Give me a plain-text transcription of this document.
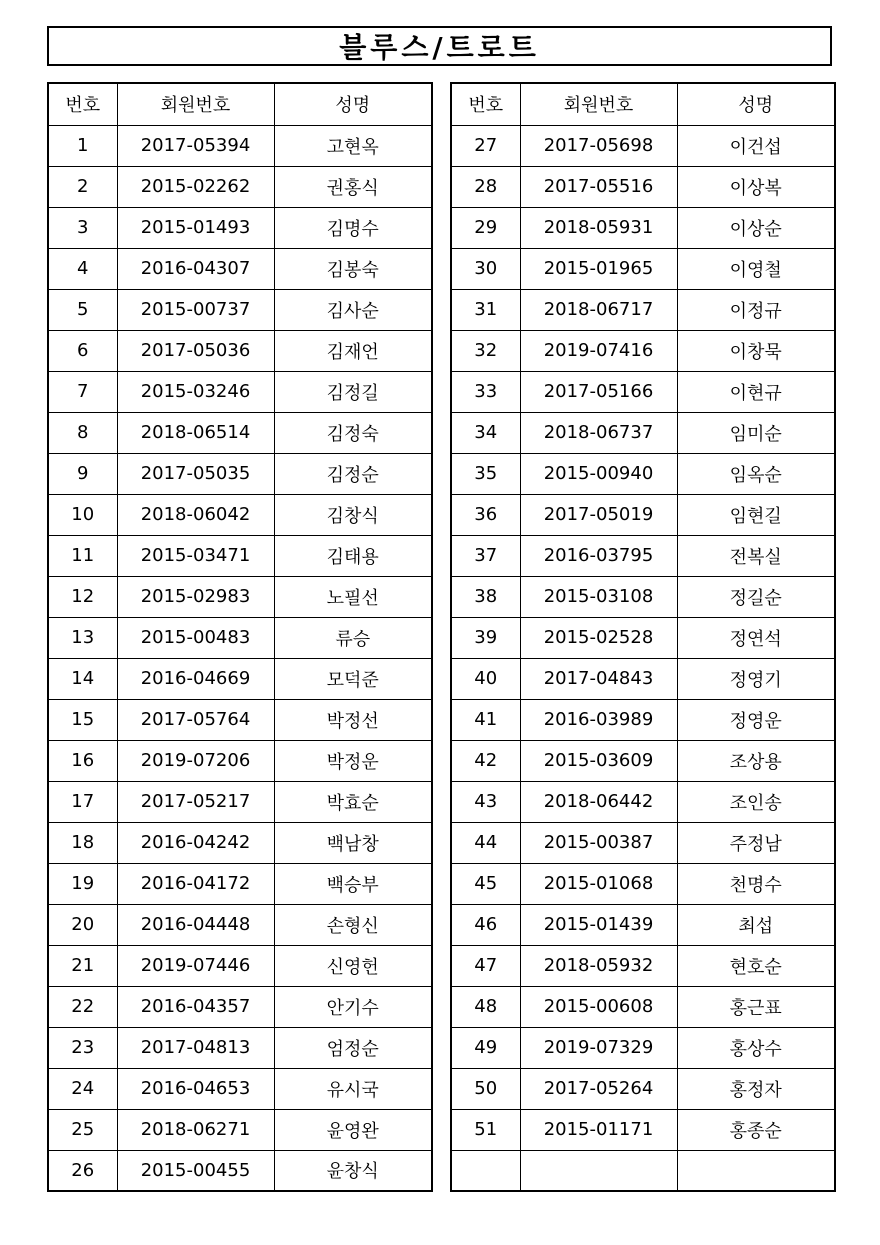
블루스/트로트
번호	회원번호	성명
1	2017-05394	고현옥
2	2015-02262	권홍식
3	2015-01493	김명수
4	2016-04307	김봉숙
5	2015-00737	김사순
6	2017-05036	김재언
7	2015-03246	김정길
8	2018-06514	김정숙
9	2017-05035	김정순
10	2018-06042	김창식
11	2015-03471	김태용
12	2015-02983	노필선
13	2015-00483	류승
14	2016-04669	모덕준
15	2017-05764	박정선
16	2019-07206	박정운
17	2017-05217	박효순
18	2016-04242	백남창
19	2016-04172	백승부
20	2016-04448	손형신
21	2019-07446	신영헌
22	2016-04357	안기수
23	2017-04813	엄정순
24	2016-04653	유시국
25	2018-06271	윤영완
26	2015-00455	윤창식
번호	회원번호	성명
27	2017-05698	이건섭
28	2017-05516	이상복
29	2018-05931	이상순
30	2015-01965	이영철
31	2018-06717	이정규
32	2019-07416	이창묵
33	2017-05166	이현규
34	2018-06737	임미순
35	2015-00940	임옥순
36	2017-05019	임현길
37	2016-03795	전복실
38	2015-03108	정길순
39	2015-02528	정연석
40	2017-04843	정영기
41	2016-03989	정영운
42	2015-03609	조상용
43	2018-06442	조인송
44	2015-00387	주정남
45	2015-01068	천명수
46	2015-01439	최섭
47	2018-05932	현호순
48	2015-00608	홍근표
49	2019-07329	홍상수
50	2017-05264	홍정자
51	2015-01171	홍종순
